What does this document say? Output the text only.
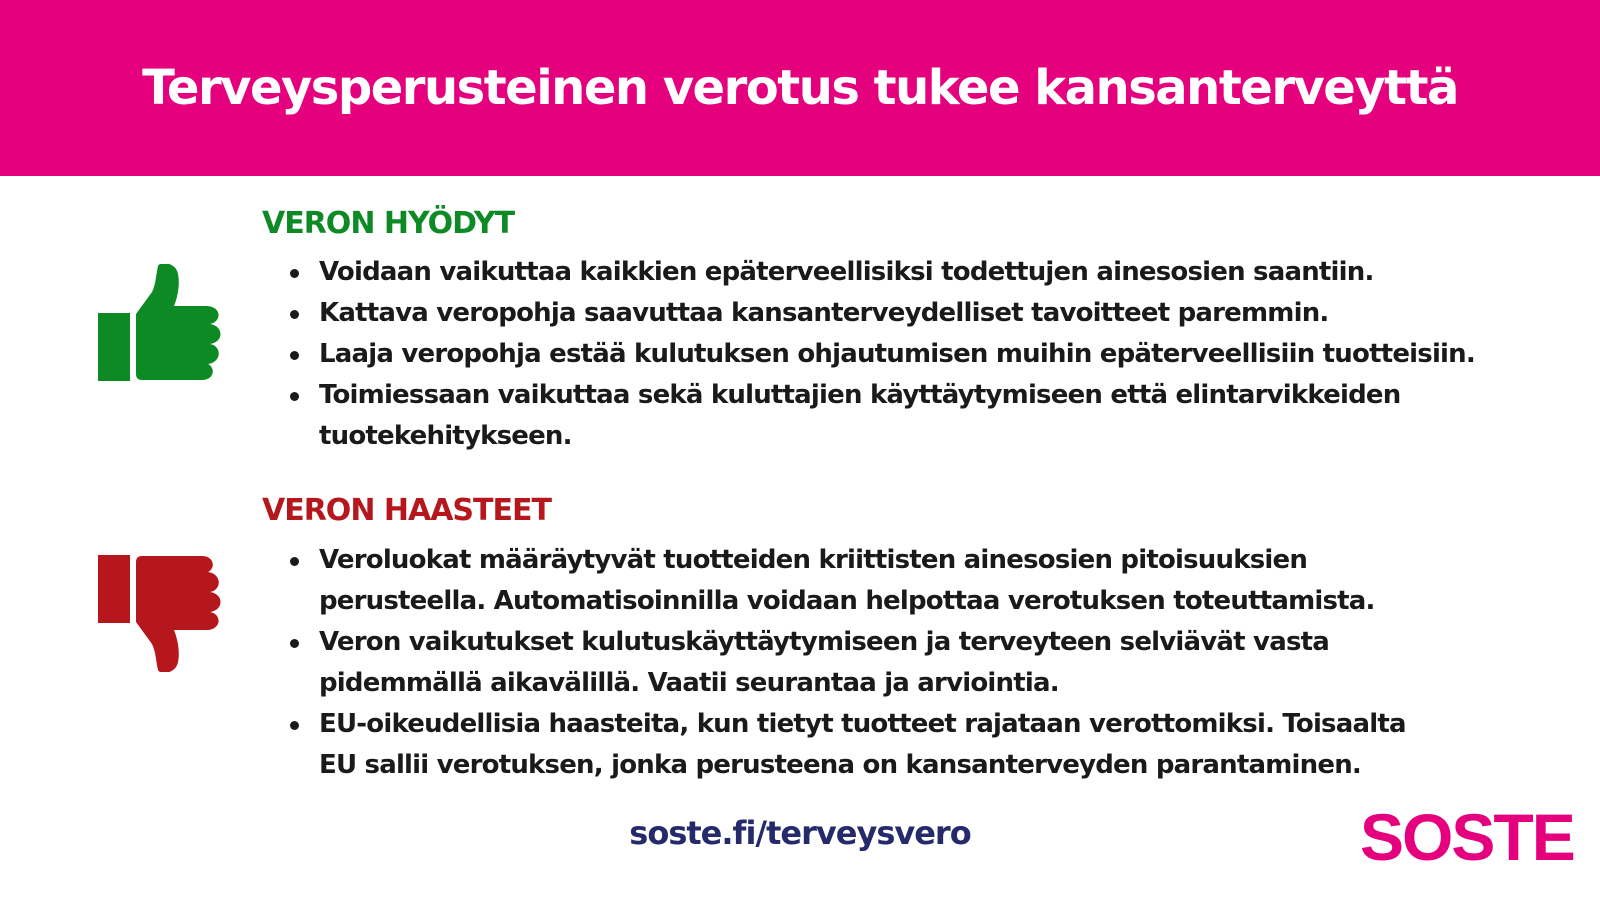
Terveysperusteinen verotus tukee kansanterveyttä
VERON HYÖDYT
Voidaan vaikuttaa kaikkien epäterveellisiksi todettujen ainesosien saantiin.
Kattava veropohja saavuttaa kansanterveydelliset tavoitteet paremmin.
Laaja veropohja estää kulutuksen ohjautumisen muihin epäterveellisiin tuotteisiin.
Toimiessaan vaikuttaa sekä kuluttajien käyttäytymiseen että elintarvikkeiden tuotekehitykseen.
VERON HAASTEET
Veroluokat määräytyvät tuotteiden kriittisten ainesosien pitoisuuksien perusteella. Automatisoinnilla voidaan helpottaa verotuksen toteuttamista.
Veron vaikutukset kulutuskäyttäytymiseen ja terveyteen selviävät vasta pidemmällä aikavälillä. Vaatii seurantaa ja arviointia.
EU-oikeudellisia haasteita, kun tietyt tuotteet rajataan verottomiksi. Toisaalta EU sallii verotuksen, jonka perusteena on kansanterveyden parantaminen.
soste.fi/terveysvero	SOSTE
